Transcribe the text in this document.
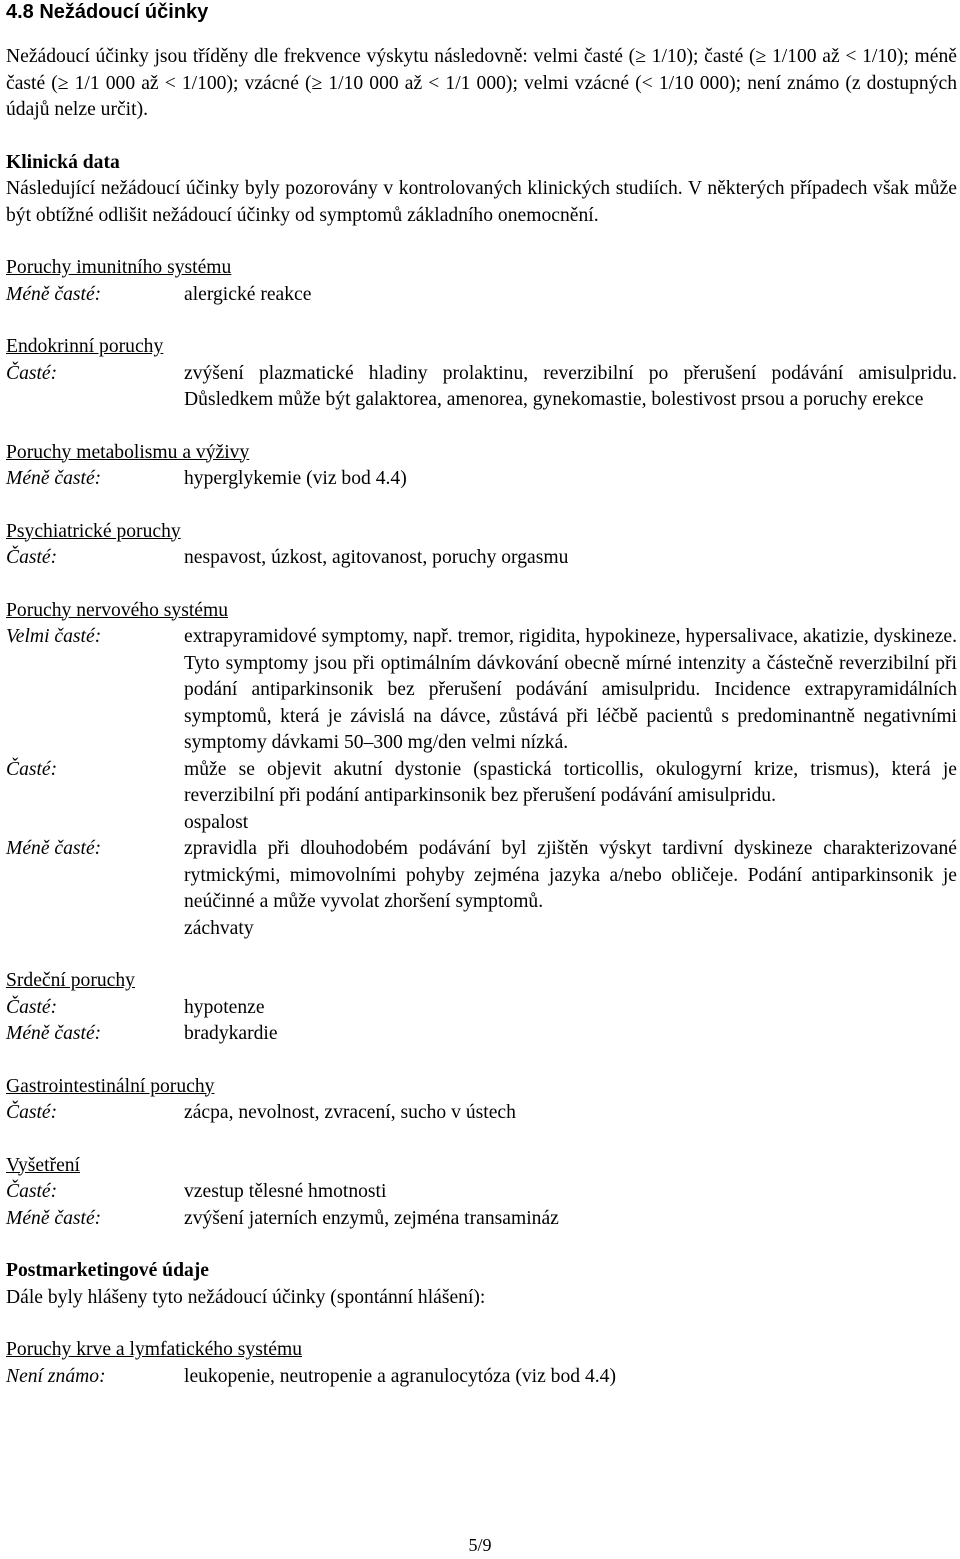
4.8 Nežádoucí účinky

Nežádoucí účinky jsou tříděny dle frekvence výskytu následovně: velmi časté (≥ 1/10); časté (≥ 1/100 až < 1/10); méně časté (≥ 1/1 000 až < 1/100); vzácné (≥ 1/10 000 až < 1/1 000); velmi vzácné (< 1/10 000); není známo (z dostupných údajů nelze určit).

Klinická data

Následující nežádoucí účinky byly pozorovány v kontrolovaných klinických studiích. V některých případech však může být obtížné odlišit nežádoucí účinky od symptomů základního onemocnění.

Poruchy imunitního systému
Méně časté:	alergické reakce
Endokrinní poruchy
Časté:	zvýšení plazmatické hladiny prolaktinu, reverzibilní po přerušení podávání amisulpridu. Důsledkem může být galaktorea, amenorea, gynekomastie, bolestivost prsou a poruchy erekce
Poruchy metabolismu a výživy
Méně časté:	hyperglykemie (viz bod 4.4)
Psychiatrické poruchy
Časté:	nespavost, úzkost, agitovanost, poruchy orgasmu
Poruchy nervového systému
Velmi časté:	extrapyramidové symptomy, např. tremor, rigidita, hypokineze, hypersalivace, akatizie, dyskineze. Tyto symptomy jsou při optimálním dávkování obecně mírné intenzity a částečně reverzibilní při podání antiparkinsonik bez přerušení podávání amisulpridu. Incidence extrapyramidálních symptomů, která je závislá na dávce, zůstává při léčbě pacientů s predominantně negativními symptomy dávkami 50–300 mg/den velmi nízká.
Časté:	může se objevit akutní dystonie (spastická torticollis, okulogyrní krize, trismus), která je reverzibilní při podání antiparkinsonik bez přerušení podávání amisulpridu.
ospalost
Méně časté:	zpravidla při dlouhodobém podávání byl zjištěn výskyt tardivní dyskineze charakterizované rytmickými, mimovolními pohyby zejména jazyka a/nebo obličeje. Podání antiparkinsonik je neúčinné a může vyvolat zhoršení symptomů.
záchvaty
Srdeční poruchy
Časté:	hypotenze
Méně časté:	bradykardie
Gastrointestinální poruchy
Časté:	zácpa, nevolnost, zvracení, sucho v ústech
Vyšetření
Časté:	vzestup tělesné hmotnosti
Méně časté:	zvýšení jaterních enzymů, zejména transamináz
Postmarketingové údaje

Dále byly hlášeny tyto nežádoucí účinky (spontánní hlášení):

Poruchy krve a lymfatického systému
Není známo:	leukopenie, neutropenie a agranulocytóza (viz bod 4.4)
5/9
